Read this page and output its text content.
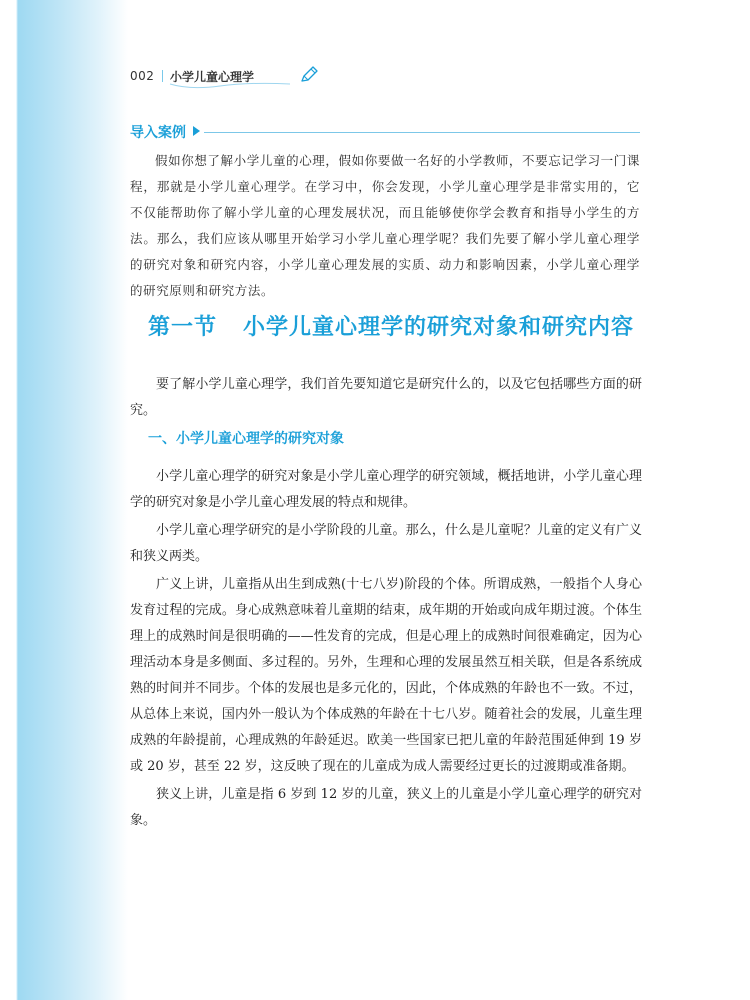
002 小学儿童心理学
导入案例
假如你想了解小学儿童的心理，假如你要做一名好的小学教师，不要忘记学习一门课程，那就是小学儿童心理学。在学习中，你会发现，小学儿童心理学是非常实用的，它不仅能帮助你了解小学儿童的心理发展状况，而且能够使你学会教育和指导小学生的方法。那么，我们应该从哪里开始学习小学儿童心理学呢？我们先要了解小学儿童心理学的研究对象和研究内容，小学儿童心理发展的实质、动力和影响因素，小学儿童心理学的研究原则和研究方法。
第一节 小学儿童心理学的研究对象和研究内容

要了解小学儿童心理学，我们首先要知道它是研究什么的，以及它包括哪些方面的研究。

一、小学儿童心理学的研究对象

小学儿童心理学的研究对象是小学儿童心理学的研究领域，概括地讲，小学儿童心理学的研究对象是小学儿童心理发展的特点和规律。

小学儿童心理学研究的是小学阶段的儿童。那么，什么是儿童呢？儿童的定义有广义和狭义两类。

广义上讲，儿童指从出生到成熟(十七八岁)阶段的个体。所谓成熟，一般指个人身心发育过程的完成。身心成熟意味着儿童期的结束，成年期的开始或向成年期过渡。个体生理上的成熟时间是很明确的——性发育的完成，但是心理上的成熟时间很难确定，因为心理活动本身是多侧面、多过程的。另外，生理和心理的发展虽然互相关联，但是各系统成熟的时间并不同步。个体的发展也是多元化的，因此，个体成熟的年龄也不一致。不过，从总体上来说，国内外一般认为个体成熟的年龄在十七八岁。随着社会的发展，儿童生理成熟的年龄提前，心理成熟的年龄延迟。欧美一些国家已把儿童的年龄范围延伸到 19 岁或 20 岁，甚至 22 岁，这反映了现在的儿童成为成人需要经过更长的过渡期或准备期。

狭义上讲，儿童是指 6 岁到 12 岁的儿童，狭义上的儿童是小学儿童心理学的研究对象。
